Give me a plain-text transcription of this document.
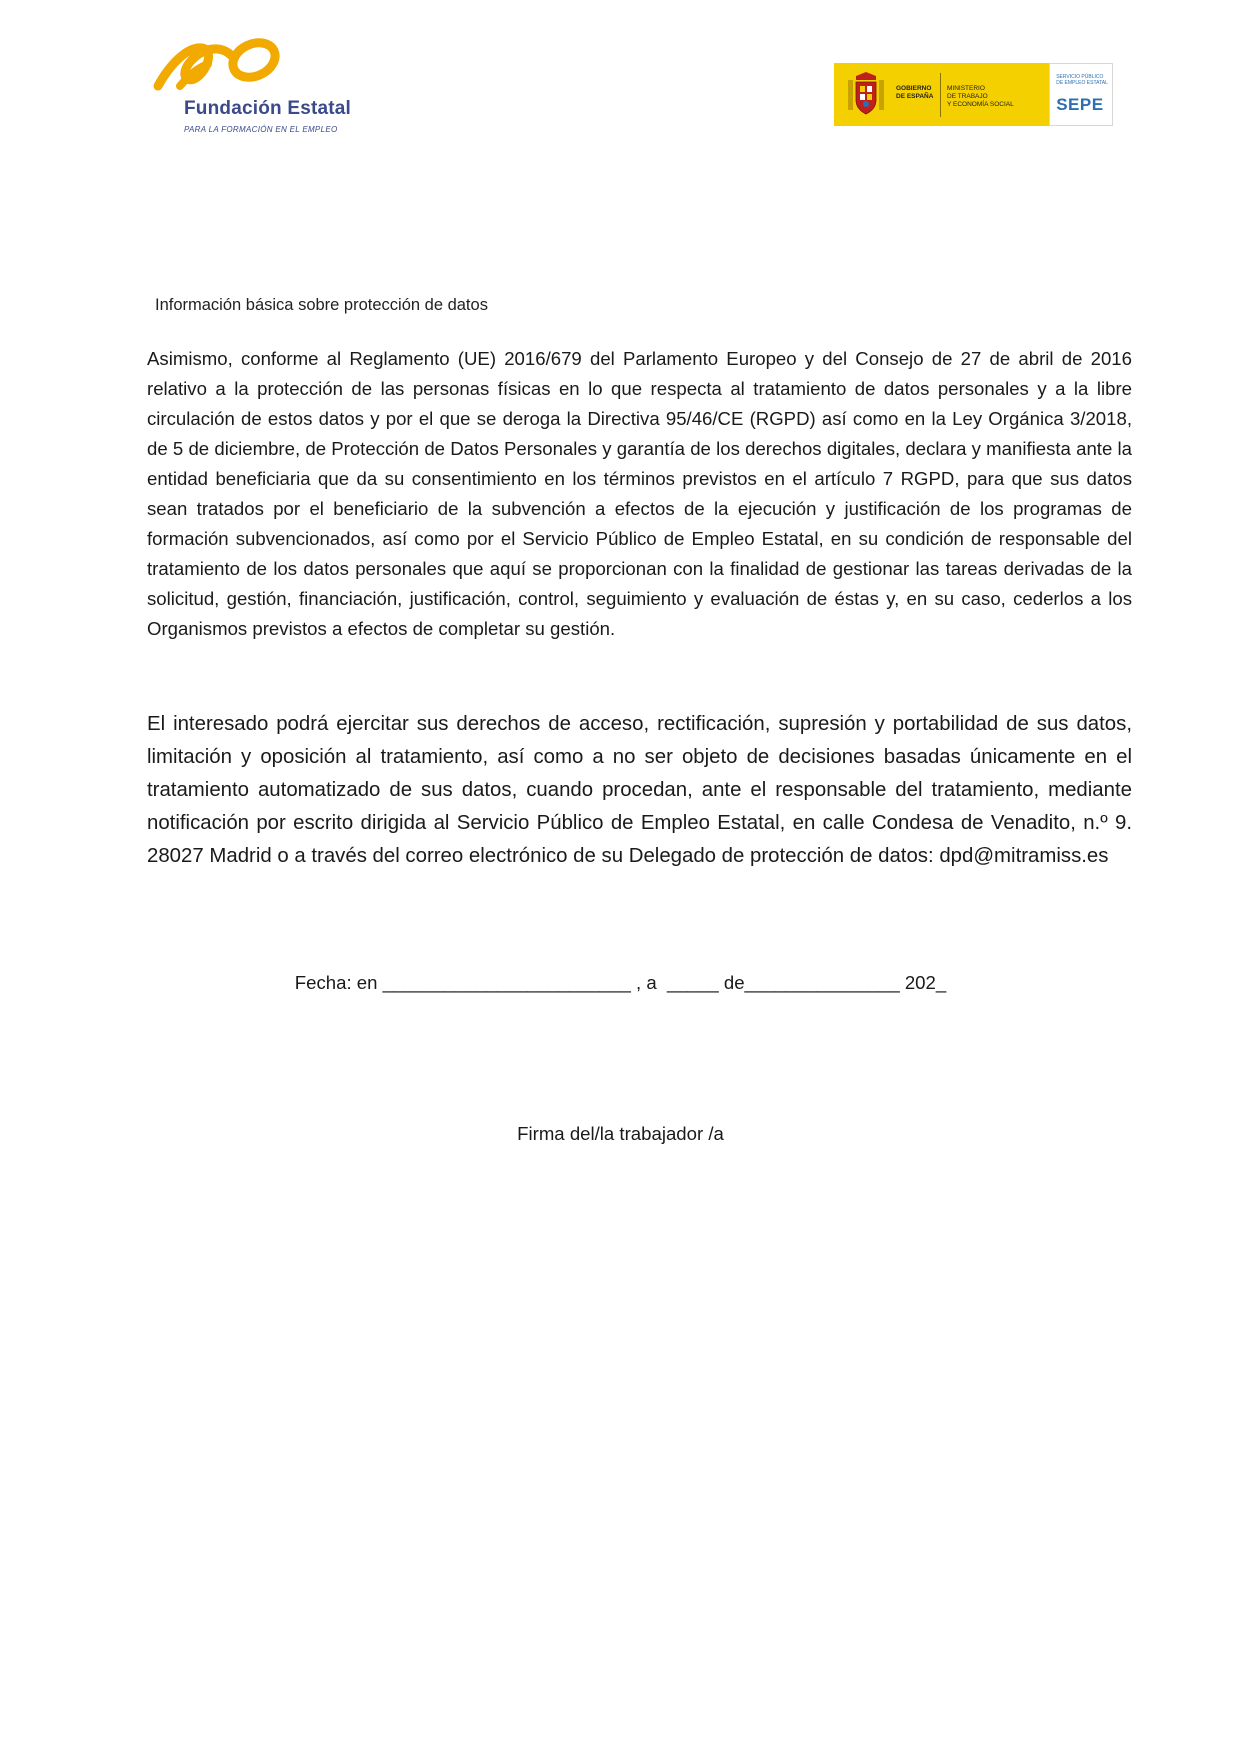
Fundación Estatal
PARA LA FORMACIÓN EN EL EMPLEO
GOBIERNO
DE ESPAÑA
MINISTERIO
DE TRABAJO
Y ECONOMÍA SOCIAL
SERVICIO PÚBLICO
DE EMPLEO ESTATAL
SEPE
Información básica sobre protección de datos
Asimismo, conforme al Reglamento (UE) 2016/679 del Parlamento Europeo y del Consejo de 27 de abril de 2016 relativo a la protección de las personas físicas en lo que respecta al tratamiento de datos personales y a la libre circulación de estos datos y por el que se deroga la Directiva 95/46/CE (RGPD) así como en la Ley Orgánica 3/2018, de 5 de diciembre, de Protección de Datos Personales y garantía de los derechos digitales, declara y manifiesta ante la entidad beneficiaria que da su consentimiento en los términos previstos en el artículo 7 RGPD, para que sus datos sean tratados por el beneficiario de la subvención a efectos de la ejecución y justificación de los programas de formación subvencionados, así como por el Servicio Público de Empleo Estatal, en su condición de responsable del tratamiento de los datos personales que aquí se proporcionan con la finalidad de gestionar las tareas derivadas de la solicitud, gestión, financiación, justificación, control, seguimiento y evaluación de éstas y, en su caso, cederlos a los Organismos previstos a efectos de completar su gestión.
El interesado podrá ejercitar sus derechos de acceso, rectificación, supresión y portabilidad de sus datos, limitación y oposición al tratamiento, así como a no ser objeto de decisiones basadas únicamente en el tratamiento automatizado de sus datos, cuando procedan, ante el responsable del tratamiento, mediante notificación por escrito dirigida al Servicio Público de Empleo Estatal, en calle Condesa de Venadito, n.º 9. 28027 Madrid o a través del correo electrónico de su Delegado de protección de datos: dpd@mitramiss.es
Fecha: en ________________________ , a  _____ de_______________ 202_
Firma del/la trabajador /a
